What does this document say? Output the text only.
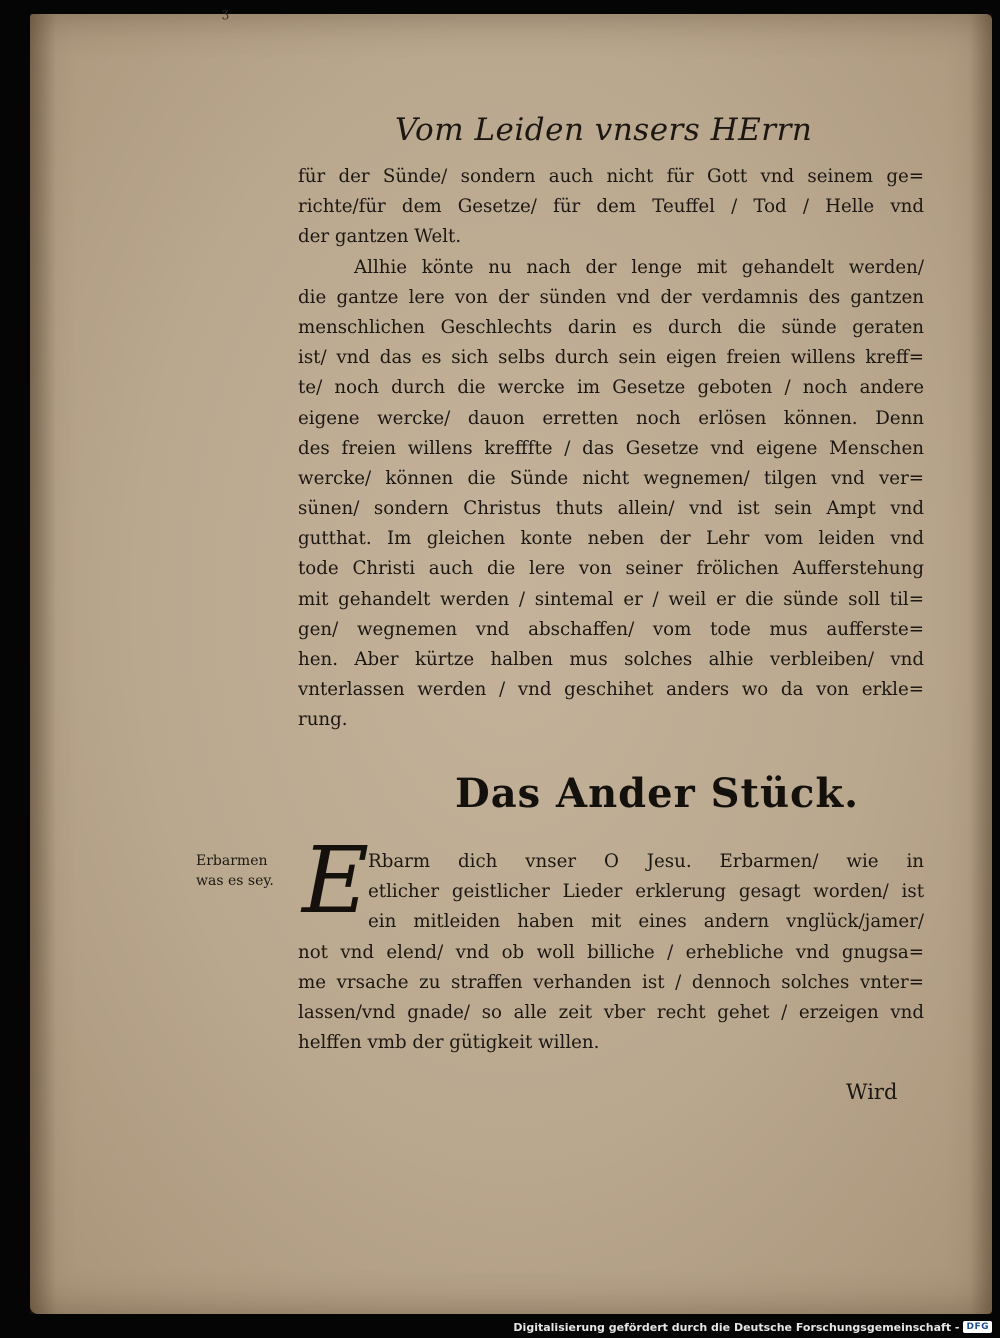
ʒ
Vom Leiden vnsers HErrn
für der Sünde/ sondern auch nicht für Gott vnd seinem ge=
richte/für dem Gesetze/ für dem Teuffel / Tod / Helle vnd
der gantzen Welt.
Allhie könte nu nach der lenge mit gehandelt werden/
die gantze lere von der sünden vnd der verdamnis des gantzen
menschlichen Geschlechts darin es durch die sünde geraten
ist/ vnd das es sich selbs durch sein eigen freien willens kreff=
te/ noch durch die wercke im Gesetze geboten / noch andere
eigene wercke/ dauon erretten noch erlösen können. Denn
des freien willens krefffte / das Gesetze vnd eigene Menschen
wercke/ können die Sünde nicht wegnemen/ tilgen vnd ver=
sünen/ sondern Christus thuts allein/ vnd ist sein Ampt vnd
gutthat. Im gleichen konte neben der Lehr vom leiden vnd
tode Christi auch die lere von seiner frölichen Aufferstehung
mit gehandelt werden / sintemal er / weil er die sünde soll til=
gen/ wegnemen vnd abschaffen/ vom tode mus aufferste=
hen. Aber kürtze halben mus solches alhie verbleiben/ vnd
vnterlassen werden / vnd geschihet anders wo da von erkle=
rung.
Das Ander Stück.
Erbarmen
was es sey. E
Rbarm dich vnser O Jesu. Erbarmen/ wie in
etlicher geistlicher Lieder erklerung gesagt worden/ ist
ein mitleiden haben mit eines andern vnglück/jamer/
not vnd elend/ vnd ob woll billiche / erhebliche vnd gnugsa=
me vrsache zu straffen verhanden ist / dennoch solches vnter=
lassen/vnd gnade/ so alle zeit vber recht gehet / erzeigen vnd
helffen vmb der gütigkeit willen.
Wird
Digitalisierung gefördert durch die Deutsche Forschungsgemeinschaft - DFG
